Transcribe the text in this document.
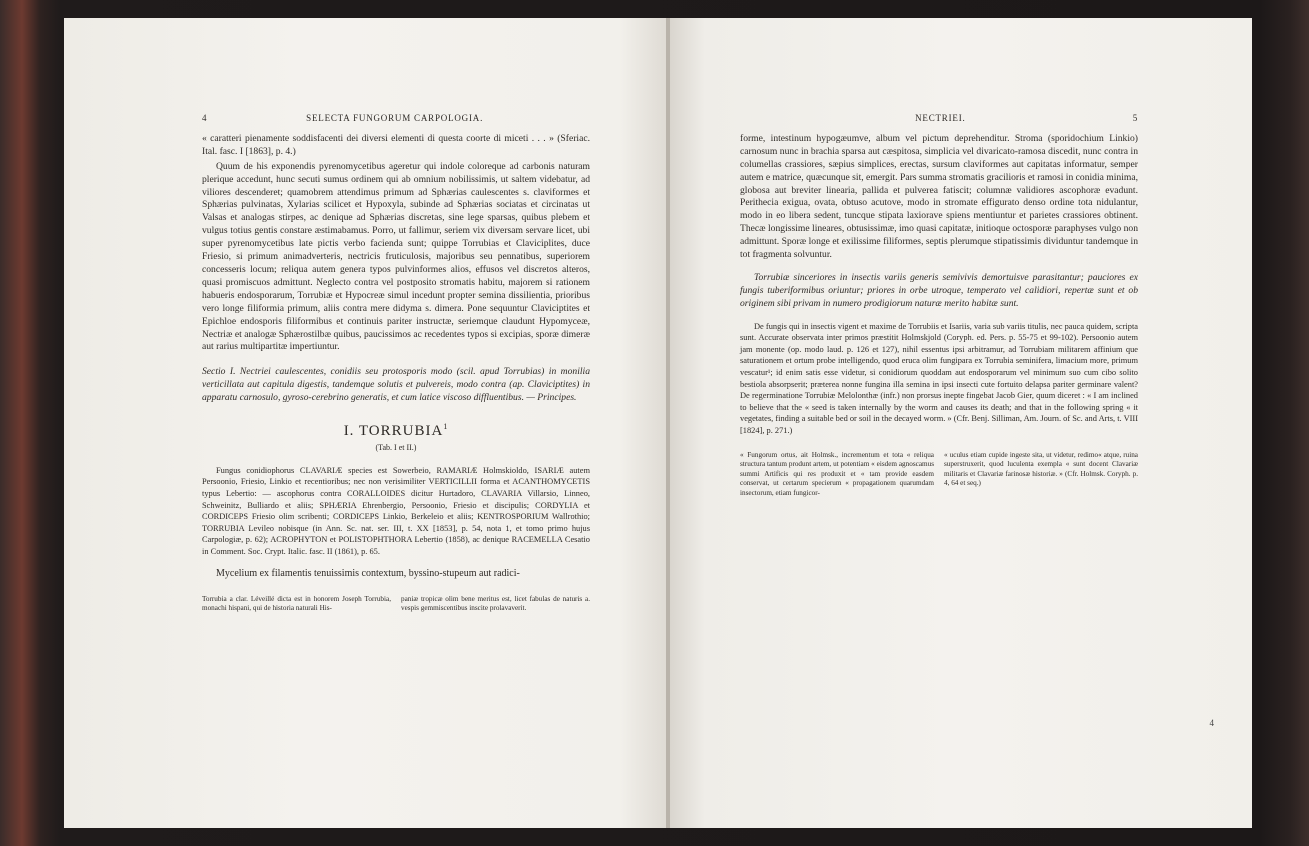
4	SELECTA FUNGORUM CARPOLOGIA.

« caratteri pienamente soddisfacenti dei diversi elementi di questa coorte di miceti . . . » (Sferiac. Ital. fasc. I [1863], p. 4.)

Quum de his exponendis pyrenomycetibus ageretur qui indole coloreque ad carbonis naturam plerique accedunt, hunc secuti sumus ordinem qui ab omnium nobilissimis, ut saltem videbatur, ad viliores descenderet; quamobrem attendimus primum ad Sphærias caulescentes s. claviformes et Sphærias pulvinatas, Xylarias scilicet et Hypoxyla, subinde ad Sphærias sociatas et circinatas ut Valsas et analogas stirpes, ac denique ad Sphærias discretas, sine lege sparsas, quibus plebem et vulgus totius gentis constare æstimabamus. Porro, ut fallimur, seriem vix diversam servare licet, ubi super pyrenomycetibus late pictis verbo facienda sunt; quippe Torrubias et Claviciplites, duce Friesio, si primum animadverteris, nectricis fruticulosis, majoribus seu pennatibus, superiorem concesseris locum; reliqua autem genera typos pulvinformes alios, effusos vel discretos alteros, quasi promiscuos admittunt. Neglecto contra vel postposito stromatis habitu, majorem si rationem habueris endosporarum, Torrubiæ et Hypocreæ simul incedunt propter semina dissilientia, prioribus vero longe filiformia primum, aliis contra mere didyma s. dimera. Pone sequuntur Claviciptites et Epichloe endosporis filiformibus et continuis pariter instructæ, seriemque claudunt Hypomyceæ, Nectriæ et analogæ Sphærostilbæ quibus, paucissimos ac recedentes typos si excipias, sporæ dimeræ aut rarius multipartitæ impertiuntur.

Sectio I. Nectriei caulescentes, conidiis seu protosporis modo (scil. apud Torrubias) in monilia verticillata aut capitula digestis, tandemque solutis et pulvereis, modo contra (ap. Claviciptites) in apparatu carnosulo, gyroso-cerebrino generatis, et cum latice viscoso diffluentibus. — Principes.

I. TORRUBIA$^1$
(Tab. I et II.)

Fungus conidiophorus CLAVARIÆ species est Sowerbeio, RAMARIÆ Holmskioldo, ISARIÆ autem Persoonio, Friesio, Linkio et recentioribus; nec non verisimiliter VERTICILLII forma et ACANTHOMYCETIS typus Lebertio: — ascophorus contra CORALLOIDES dicitur Hurtadoro, CLAVARIA Villarsio, Linneo, Schweinitz, Bulliardo et aliis; SPHÆRIA Ehrenbergio, Persoonio, Friesio et discipulis; CORDYLIA et CORDICEPS Friesio olim scribenti; CORDICEPS Linkio, Berkeleio et aliis; KENTROSPORIUM Wallrothio; TORRUBIA Levileo nobisque (in Ann. Sc. nat. ser. III, t. XX [1853], p. 54, nota 1, et tomo primo hujus Carpologiæ, p. 62); ACROPHYTON et POLISTOPHTHORA Lebertio (1858), ac denique RACEMELLA Cesatio in Comment. Soc. Crypt. Italic. fasc. II (1861), p. 65.

Mycelium ex filamentis tenuissimis contextum, byssino-stupeum aut radici-

Torrubia a clar. Léveillé dicta est in honorem Joseph Torrubia, monachi hispani, qui de historia naturali His-
paniæ tropicæ olim bene meritus est, licet fabulas de naturis a. vespis gemmiscentibus inscite prolavaverit.
NECTRIEI.	5

forme, intestinum hypogæumve, album vel pictum deprehenditur. Stroma (sporidochium Linkio) carnosum nunc in brachia sparsa aut cæspitosa, simplicia vel divaricato-ramosa discedit, nunc contra in columellas crassiores, sæpius simplices, erectas, sursum claviformes aut capitatas informatur, semper autem e matrice, quæcunque sit, emergit. Pars summa stromatis gracilioris et ramosi in conidia minima, globosa aut breviter linearia, pallida et pulverea fatiscit; columnæ validiores ascophoræ evadunt. Perithecia exigua, ovata, obtuso acutove, modo in stromate effigurato denso ordine tota nidulantur, modo in eo libera sedent, tuncque stipata laxiorave spiens mentiuntur et parietes crassiores obtinent. Thecæ longissime lineares, obtusissimæ, imo quasi capitatæ, initioque octosporæ paraphyses vulgo non admittunt. Sporæ longe et exilissime filiformes, septis plerumque stipatissimis dividuntur tandemque in tot fragmenta solvuntur.

Torrubiæ sinceriores in insectis variis generis semivivis demortuisve parasitantur; pauciores ex fungis tuberiformibus oriuntur; priores in orbe utroque, temperato vel calidiori, repertæ sunt et ob originem sibi privam in numero prodigiorum naturæ merito habitæ sunt.

De fungis qui in insectis vigent et maxime de Torrubiis et Isariis, varia sub variis titulis, nec pauca quidem, scripta sunt. Accurate observata inter primos præstitit Holmskjold (Coryph. ed. Pers. p. 55-75 et 99-102). Persoonio autem jam monente (op. modo laud. p. 126 et 127), nihil essentus ipsi arbitramur, ad Torrubiam militarem affinium que saturationem et ortum probe intelligendo, quod eruca olim fungipara ex Torrubia seminifera, limacium more, primum vescatur¹; id enim satis esse videtur, si conidiorum quoddam aut endosporarum vel minimum suo cum cibo solito bestiola absorpserit; præterea nonne fungina illa semina in ipsi insecti cute fortuito delapsa pariter germinare valent? De regerminatione Torrubiæ Melolonthæ (infr.) non prorsus inepte fingebat Jacob Gier, quum diceret : « I am inclined to believe that the « seed is taken internally by the worm and causes its death; and that in the following spring « it vegetates, finding a suitable bed or soil in the decayed worm. » (Cfr. Benj. Silliman, Am. Journ. of Sc. and Arts, t. VIII [1824], p. 271.)

« Fungorum ortus, ait Holmsk., incrementum et tota « reliqua structura tantum produnt artem, ut potentiam « eisdem agnoscamus summi Artificis qui res produxit et « tam provide easdem conservat, ut certarum specierum « propagationem quarumdam insectorum, etiam fungicor-
« uculus etiam cupide ingeste sita, ut videtur, redimo« atque, ruina superstruxerit, quod luculenta exempla « sunt docent Clavariæ militaris et Clavariæ farinosæ historiæ. » (Cfr. Holmsk. Coryph. p. 4, 64 et seq.)
4
